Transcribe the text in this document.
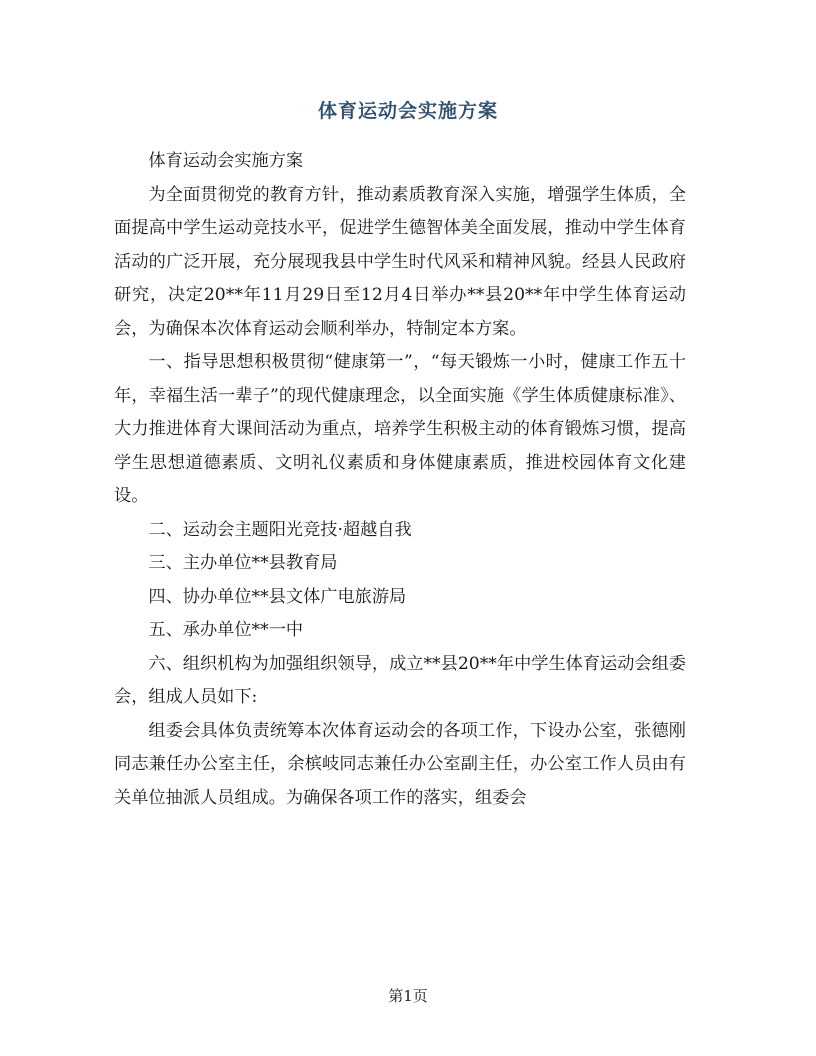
体育运动会实施方案

体育运动会实施方案

为全面贯彻党的教育方针，推动素质教育深入实施，增强学生体质，全面提高中学生运动竞技水平，促进学生德智体美全面发展，推动中学生体育活动的广泛开展，充分展现我县中学生时代风采和精神风貌。经县人民政府研究，决定20**年11月29日至12月4日举办**县20**年中学生体育运动会，为确保本次体育运动会顺利举办，特制定本方案。

一、指导思想积极贯彻“健康第一”，“每天锻炼一小时，健康工作五十年，幸福生活一辈子”的现代健康理念，以全面实施《学生体质健康标准》、大力推进体育大课间活动为重点，培养学生积极主动的体育锻炼习惯，提高学生思想道德素质、文明礼仪素质和身体健康素质，推进校园体育文化建设。

二、运动会主题阳光竞技·超越自我

三、主办单位**县教育局

四、协办单位**县文体广电旅游局

五、承办单位**一中

六、组织机构为加强组织领导，成立**县20**年中学生体育运动会组委会，组成人员如下:

组委会具体负责统筹本次体育运动会的各项工作，下设办公室，张德刚同志兼任办公室主任，余槟岐同志兼任办公室副主任，办公室工作人员由有关单位抽派人员组成。为确保各项工作的落实，组委会

第1页
